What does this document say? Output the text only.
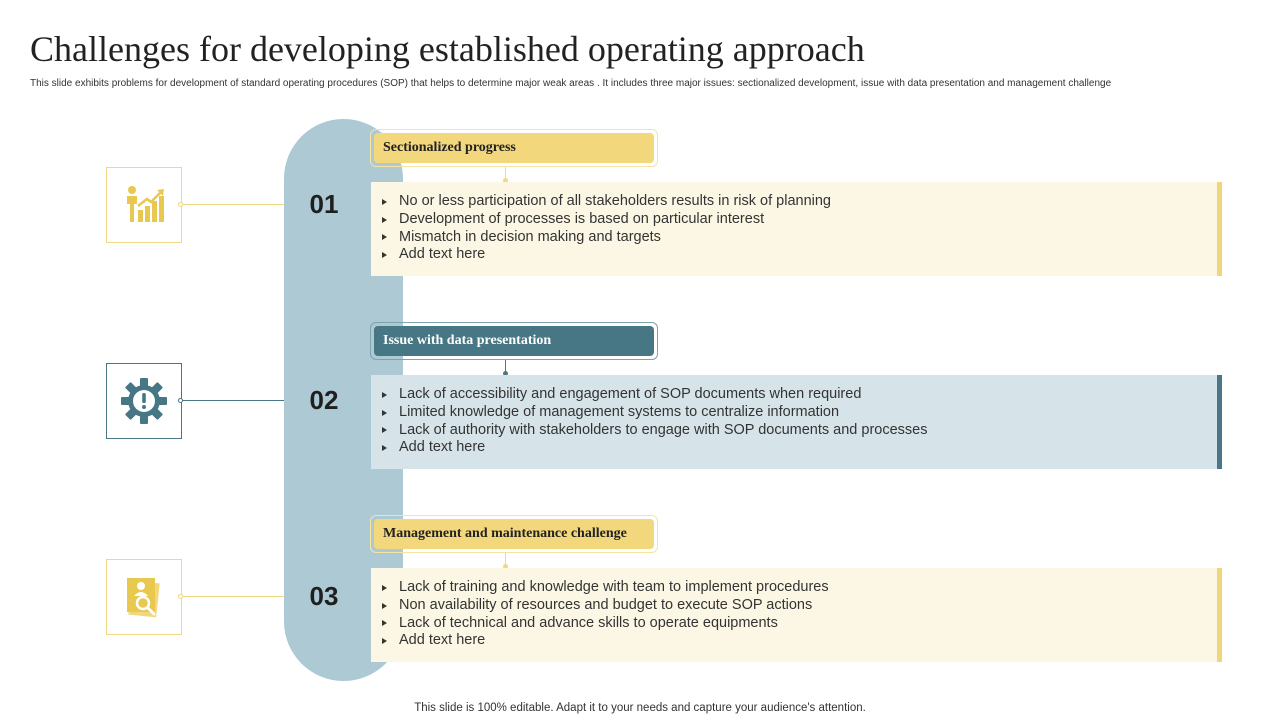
Challenges for developing established operating approach
This slide exhibits problems for development of standard operating procedures (SOP) that helps to determine major weak areas . It includes three major issues: sectionalized development, issue with data presentation and management challenge
01
Sectionalized progress
No or less participation of all stakeholders results in risk of planning
Development of processes is based on particular interest
Mismatch in decision making and targets
Add text here
02
Issue with data presentation
Lack of accessibility and engagement of SOP documents when required
Limited knowledge of management systems to centralize information
Lack of authority with stakeholders to engage with SOP documents and processes
Add text here
03
Management and maintenance challenge
Lack of training and knowledge with team to implement procedures
Non availability of resources and budget to execute SOP actions
Lack of technical and advance skills to operate equipments
Add text here
This slide is 100% editable. Adapt it to your needs and capture your audience's attention.
